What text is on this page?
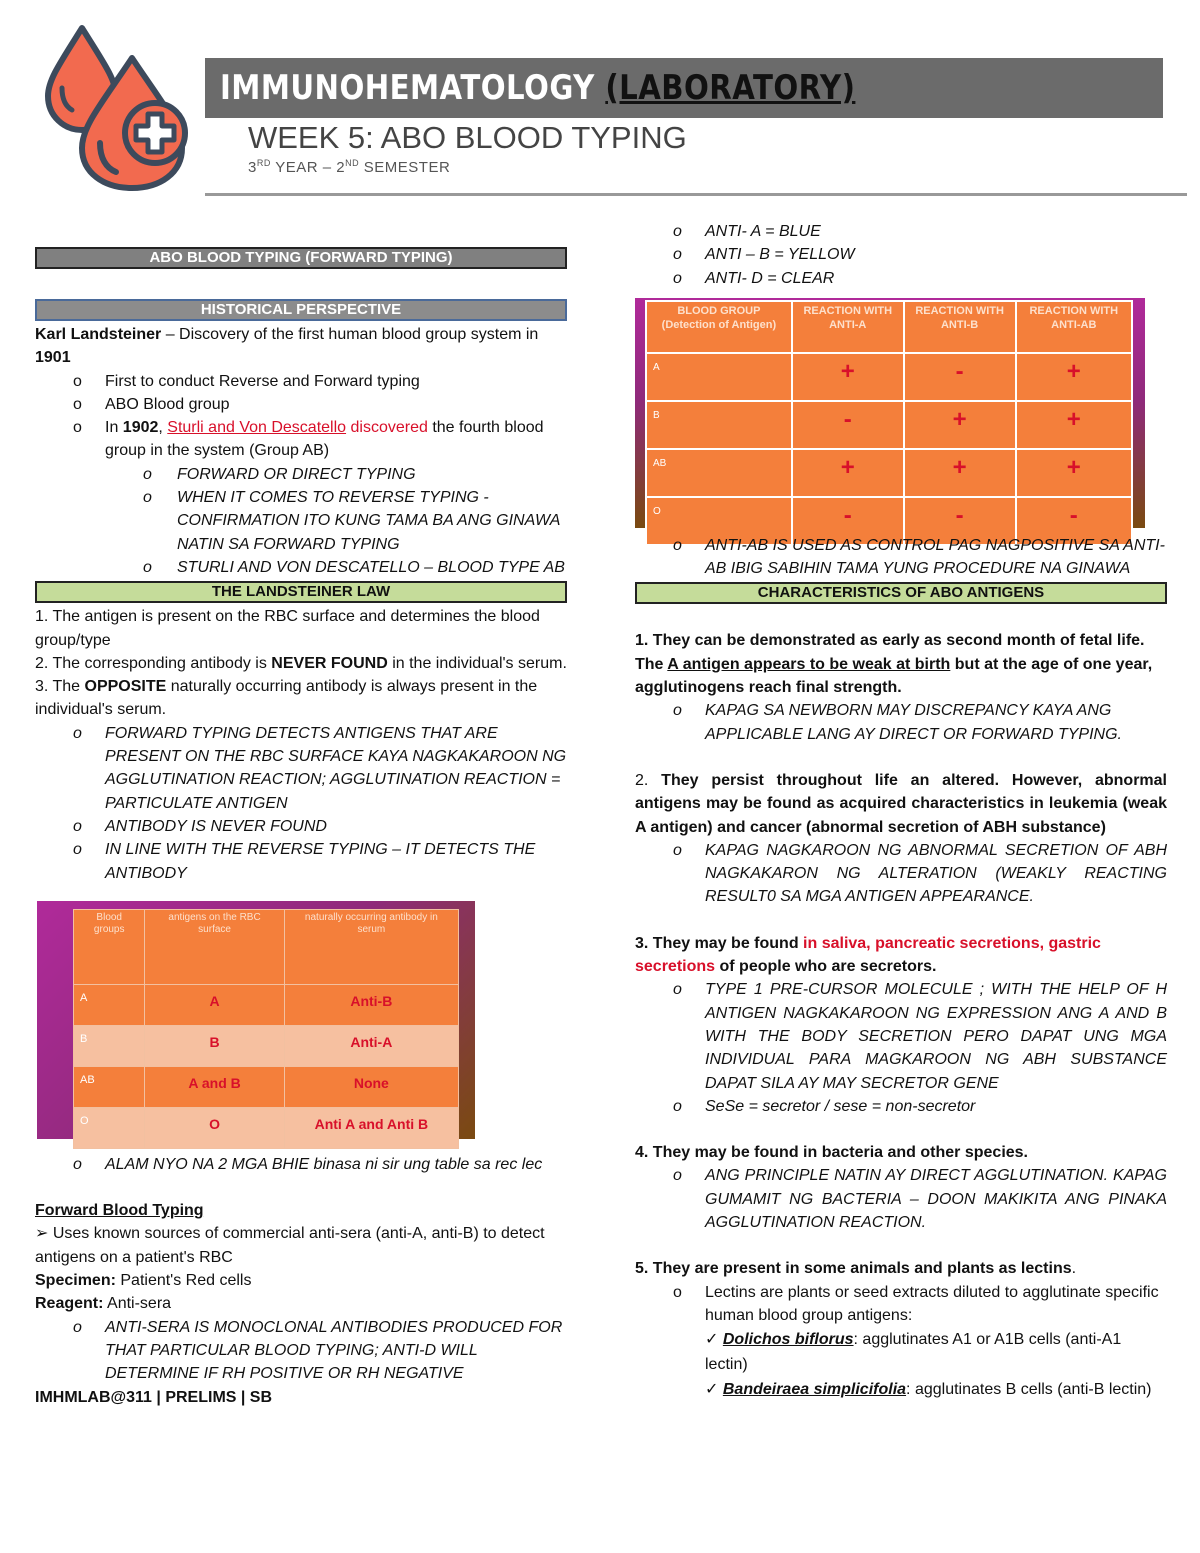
IMMUNOHEMATOLOGY (LABORATORY)
WEEK 5: ABO BLOOD TYPING
3RD YEAR – 2ND SEMESTER
ABO BLOOD TYPING (FORWARD TYPING)
HISTORICAL PERSPECTIVE

Karl Landsteiner – Discovery of the first human blood group system in 1901

o First to conduct Reverse and Forward typing

o ABO Blood group

o In 1902, Sturli and Von Descatello discovered the fourth blood group in the system (Group AB)

o FORWARD OR DIRECT TYPING

o WHEN IT COMES TO REVERSE TYPING - CONFIRMATION ITO KUNG TAMA BA ANG GINAWA NATIN SA FORWARD TYPING

o STURLI AND VON DESCATELLO – BLOOD TYPE AB

THE LANDSTEINER LAW

1. The antigen is present on the RBC surface and determines the blood group/type

2. The corresponding antibody is NEVER FOUND in the individual's serum.

3. The OPPOSITE naturally occurring antibody is always present in the individual's serum.

o FORWARD TYPING DETECTS ANTIGENS THAT ARE PRESENT ON THE RBC SURFACE KAYA NAGKAKAROON NG AGGLUTINATION REACTION; AGGLUTINATION REACTION = PARTICULATE ANTIGEN

o ANTIBODY IS NEVER FOUND

o IN LINE WITH THE REVERSE TYPING – IT DETECTS THE ANTIBODY

Blood groups	antigens on the RBC surface	naturally occurring antibody in serum
A	A	Anti-B
B	B	Anti-A
AB	A and B	None
O	O	Anti A and Anti B

o ALAM NYO NA 2 MGA BHIE binasa ni sir ung table sa rec lec

Forward Blood Typing

➢ Uses known sources of commercial anti-sera (anti-A, anti-B) to detect antigens on a patient's RBC

Specimen: Patient's Red cells

Reagent: Anti-sera

o ANTI-SERA IS MONOCLONAL ANTIBODIES PRODUCED FOR THAT PARTICULAR BLOOD TYPING; ANTI-D WILL DETERMINE IF RH POSITIVE OR RH NEGATIVE

IMHMLAB@311 | PRELIMS | SB

o ANTI- A = BLUE

o ANTI – B = YELLOW

o ANTI- D = CLEAR

BLOOD GROUP (Detection of Antigen)	REACTION WITH ANTI-A	REACTION WITH ANTI-B	REACTION WITH ANTI-AB
A	+	-	+
B	-	+	+
AB	+	+	+
O	-	-	-

o ANTI-AB IS USED AS CONTROL PAG NAGPOSITIVE SA ANTI-AB IBIG SABIHIN TAMA YUNG PROCEDURE NA GINAWA

CHARACTERISTICS OF ABO ANTIGENS

1. They can be demonstrated as early as second month of fetal life. The A antigen appears to be weak at birth but at the age of one year, agglutinogens reach final strength.

o KAPAG SA NEWBORN MAY DISCREPANCY KAYA ANG APPLICABLE LANG AY DIRECT OR FORWARD TYPING.

2. They persist throughout life an altered. However, abnormal antigens may be found as acquired characteristics in leukemia (weak A antigen) and cancer (abnormal secretion of ABH substance)

o KAPAG NAGKAROON NG ABNORMAL SECRETION OF ABH NAGKAKARON NG ALTERATION (WEAKLY REACTING RESULT0 SA MGA ANTIGEN APPEARANCE.

3. They may be found in saliva, pancreatic secretions, gastric secretions of people who are secretors.

o TYPE 1 PRE-CURSOR MOLECULE ; WITH THE HELP OF H ANTIGEN NAGKAKAROON NG EXPRESSION ANG A AND B WITH THE BODY SECRETION PERO DAPAT UNG MGA INDIVIDUAL PARA MAGKAROON NG ABH SUBSTANCE DAPAT SILA AY MAY SECRETOR GENE

o SeSe = secretor / sese = non-secretor

4. They may be found in bacteria and other species.

o ANG PRINCIPLE NATIN AY DIRECT AGGLUTINATION. KAPAG GUMAMIT NG BACTERIA – DOON MAKIKITA ANG PINAKA AGGLUTINATION REACTION.

5. They are present in some animals and plants as lectins.

o Lectins are plants or seed extracts diluted to agglutinate specific human blood group antigens:

✓ Dolichos biflorus: agglutinates A1 or A1B cells (anti-A1 lectin)

✓ Bandeiraea simplicifolia: agglutinates B cells (anti-B lectin)
